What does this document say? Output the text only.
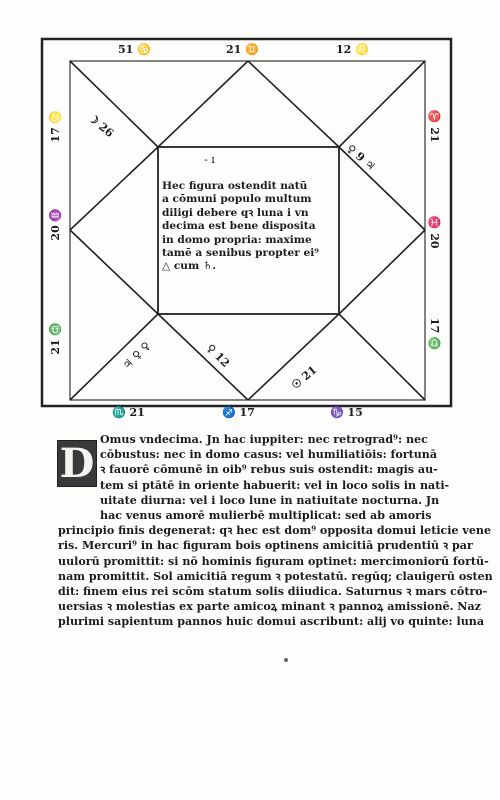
51 ♋	21 ♊	12 ♌
17 ♌
20 ♒
21 ♎
♈ 21
♓ 20
17 ♎
♏ 21	♐ 17	♑ 15
☽ 26
♀ 9 ♃
♃ ♀ ♀	♀ 12
☉ 21
- ı
Hec figura ostendit natū
a cōmuni populo multum
diligi debere qꝛ luna i vn
decima est bene disposita
in domo propria: maxime
tamē a senibus propter ei⁹
△ cum ♄.
D Omus vndecima. Jn hac iuppiter: nec retrograd⁹: nec
cōbustus: nec in domo casus: vel humiliatiōis: fortunā
ꝛ fauorē cōmunē in oib⁹ rebus suis ostendit: magis au-
tem si ptātē in oriente habuerit: vel in loco solis in nati-
uitate diurna: vel i loco lune in natiuitate nocturna. Jn
hac venus amorē mulierbē multiplicat: sed ab amoris
principio finis degenerat: qꝛ hec est dom⁹ opposita domui leticie vene
ris. Mercuri⁹ in hac figuram bois optinens amicitiā prudentiū ꝛ par
uulorū promittit: si nō hominis figuram optinet: mercimoniorū fortū-
nam promittit. Sol amicitiā regum ꝛ potestatū. regūq; clauigerū osten
dit: finem eius rei scōm statum solis diiudica. Saturnus ꝛ mars cōtro-
uersias ꝛ molestias ex parte amicoꝝ minant ꝛ pannoꝝ amissionē. Naz
plurimi sapientum pannos huic domui ascribunt: alij vo quinte: luna
